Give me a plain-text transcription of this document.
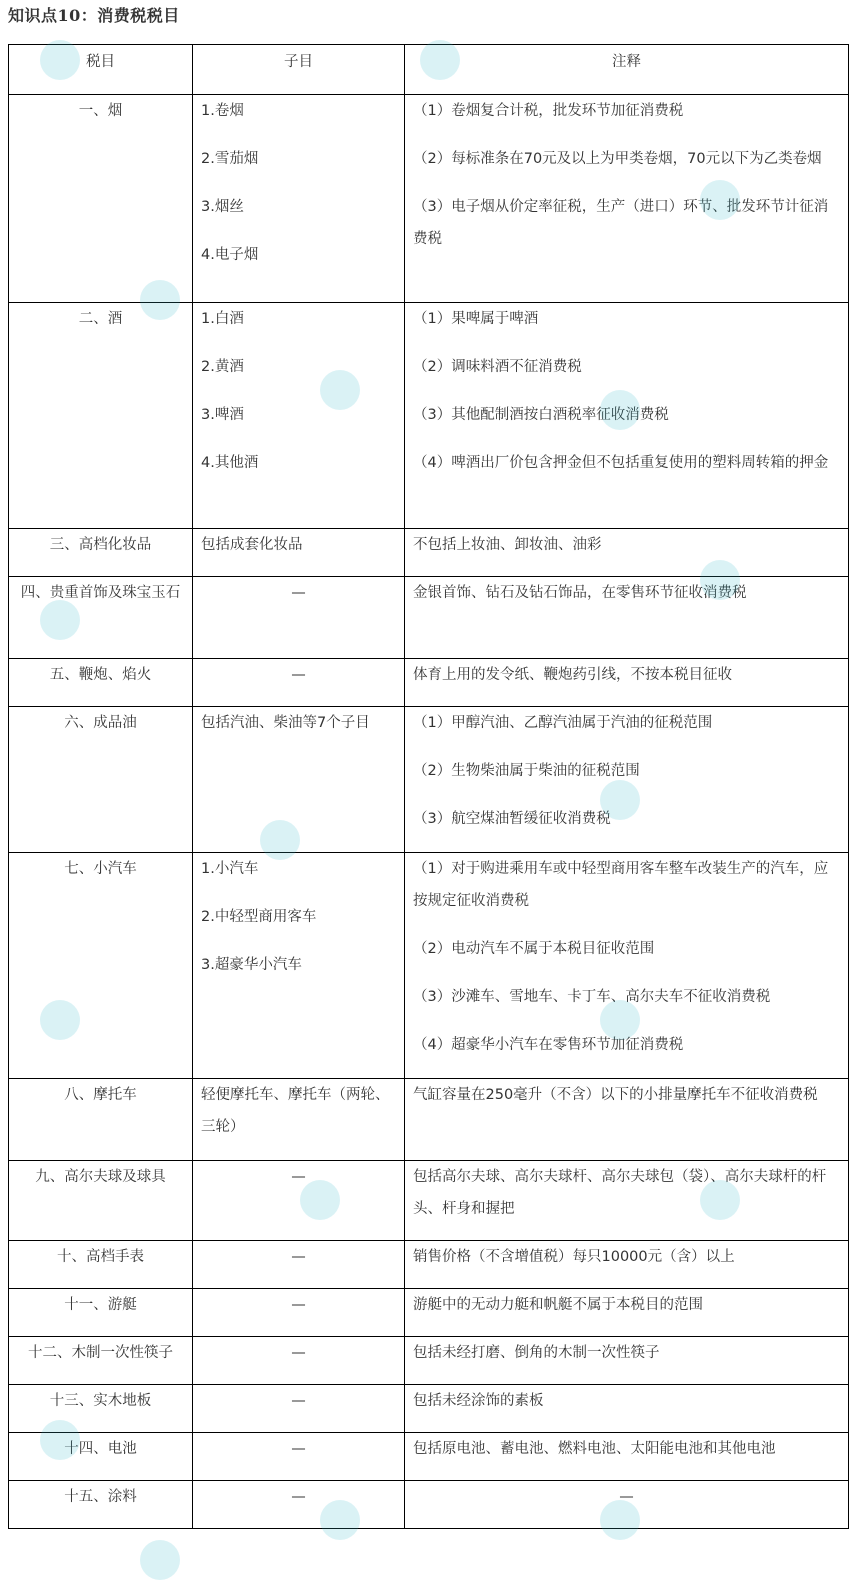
知识点10：消费税税目
税目	子目	注释
一、烟	1.卷烟
2.雪茄烟
3.烟丝
4.电子烟	（1）卷烟复合计税，批发环节加征消费税
（2）每标准条在70元及以上为甲类卷烟，70元以下为乙类卷烟
（3）电子烟从价定率征税，生产（进口）环节、批发环节计征消费税

二、酒	1.白酒
2.黄酒
3.啤酒
4.其他酒	（1）果啤属于啤酒
（2）调味料酒不征消费税
（3）其他配制酒按白酒税率征收消费税
（4）啤酒出厂价包含押金但不包括重复使用的塑料周转箱的押金

三、高档化妆品	包括成套化妆品	不包括上妆油、卸妆油、油彩

四、贵重首饰及珠宝玉石	—	金银首饰、钻石及钻石饰品，在零售环节征收消费税

五、鞭炮、焰火	—	体育上用的发令纸、鞭炮药引线，不按本税目征收

六、成品油	包括汽油、柴油等7个子目	（1）甲醇汽油、乙醇汽油属于汽油的征税范围
（2）生物柴油属于柴油的征税范围
（3）航空煤油暂缓征收消费税

七、小汽车	1.小汽车
2.中轻型商用客车
3.超豪华小汽车	（1）对于购进乘用车或中轻型商用客车整车改装生产的汽车，应按规定征收消费税
（2）电动汽车不属于本税目征收范围
（3）沙滩车、雪地车、卡丁车、高尔夫车不征收消费税
（4）超豪华小汽车在零售环节加征消费税

八、摩托车	轻便摩托车、摩托车（两轮、三轮）	气缸容量在250毫升（不含）以下的小排量摩托车不征收消费税

九、高尔夫球及球具	—	包括高尔夫球、高尔夫球杆、高尔夫球包（袋）、高尔夫球杆的杆头、杆身和握把

十、高档手表	—	销售价格（不含增值税）每只10000元（含）以上

十一、游艇	—	游艇中的无动力艇和帆艇不属于本税目的范围

十二、木制一次性筷子	—	包括未经打磨、倒角的木制一次性筷子

十三、实木地板	—	包括未经涂饰的素板

十四、电池	—	包括原电池、蓄电池、燃料电池、太阳能电池和其他电池

十五、涂料	—	—
